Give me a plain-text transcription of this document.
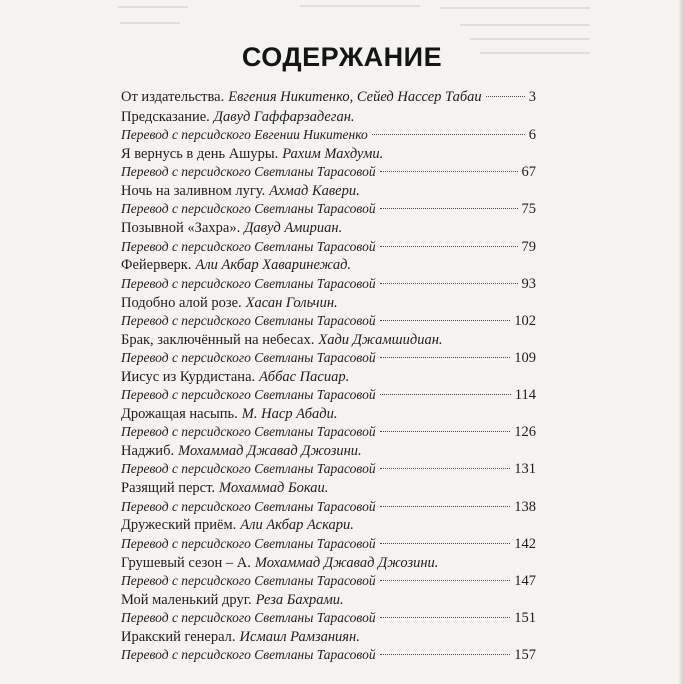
СОДЕРЖАНИЕ
От издательства. Евгения Никитенко, Сейед Нассер Табаи	3
Предсказание. Давуд Гаффарзадеган.
Перевод с персидского Евгении Никитенко	6
Я вернусь в день Ашуры. Рахим Махдуми.
Перевод с персидского Светланы Тарасовой	67
Ночь на заливном лугу. Ахмад Кавери.
Перевод с персидского Светланы Тарасовой	75
Позывной «Захра». Давуд Амириан.
Перевод с персидского Светланы Тарасовой	79
Фейерверк. Али Акбар Хаваринежад.
Перевод с персидского Светланы Тарасовой	93
Подобно алой розе. Хасан Гольчин.
Перевод с персидского Светланы Тарасовой	102
Брак, заключённый на небесах. Хади Джамшидиан.
Перевод с персидского Светланы Тарасовой	109
Иисус из Курдистана. Аббас Пасиар.
Перевод с персидского Светланы Тарасовой	114
Дрожащая насыпь. М. Наср Абади.
Перевод с персидского Светланы Тарасовой	126
Наджиб. Мохаммад Джавад Джозини.
Перевод с персидского Светланы Тарасовой	131
Разящий перст. Мохаммад Бокаи.
Перевод с персидского Светланы Тарасовой	138
Дружеский приём. Али Акбар Аскари.
Перевод с персидского Светланы Тарасовой	142
Грушевый сезон – А. Мохаммад Джавад Джозини.
Перевод с персидского Светланы Тарасовой	147
Мой маленький друг. Реза Бахрами.
Перевод с персидского Светланы Тарасовой	151
Иракский генерал. Исмаил Рамзаниян.
Перевод с персидского Светланы Тарасовой	157
